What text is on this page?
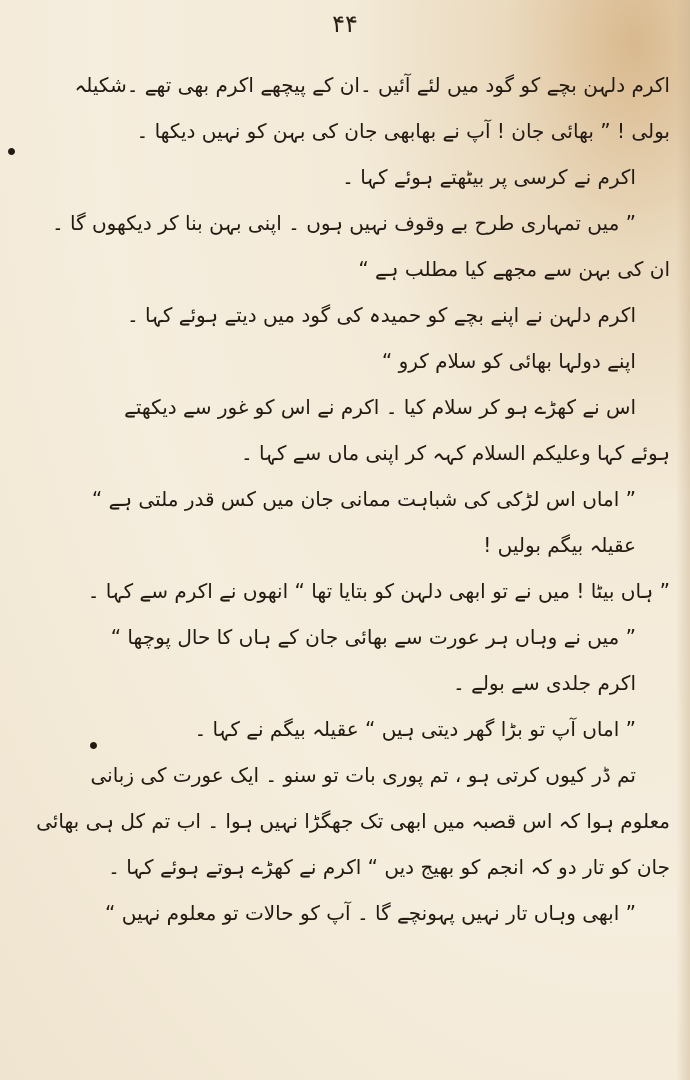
۴۴
اکرم دلہن بچے کو گود میں لئے آئیں ۔ان کے پیچھے اکرم بھی تھے ۔شکیلہ
بولی ! ” بھائی جان ! آپ نے بھابھی جان کی بہن کو نہیں دیکھا ۔
اکرم نے کرسی پر بیٹھتے ہوئے کہا ۔
” میں تمہاری طرح بے وقوف نہیں ہوں ۔ اپنی بہن بنا کر دیکھوں گا ۔
ان کی بہن سے مجھے کیا مطلب ہے “
اکرم دلہن نے اپنے بچے کو حمیدہ کی گود میں دیتے ہوئے کہا ۔
اپنے دولہا بھائی کو سلام کرو “
اس نے کھڑے ہو کر سلام کیا ۔ اکرم نے اس کو غور سے دیکھتے
ہوئے کہا وعلیکم السلام کہہ کر اپنی ماں سے کہا ۔
” اماں اس لڑکی کی شباہت ممانی جان میں کس قدر ملتی ہے “
عقیلہ بیگم بولیں !
” ہاں بیٹا ! میں نے تو ابھی دلہن کو بتایا تھا “ انھوں نے اکرم سے کہا ۔
” میں نے وہاں ہر عورت سے بھائی جان کے ہاں کا حال پوچھا “
اکرم جلدی سے بولے ۔
” اماں آپ تو بڑا گھر دیتی ہیں “ عقیلہ بیگم نے کہا ۔
تم ڈر کیوں کرتی ہو ، تم پوری بات تو سنو ۔ ایک عورت کی زبانی
معلوم ہوا کہ اس قصبہ میں ابھی تک جھگڑا نہیں ہوا ۔ اب تم کل ہی بھائی
جان کو تار دو کہ انجم کو بھیج دیں “ اکرم نے کھڑے ہوتے ہوئے کہا ۔
” ابھی وہاں تار نہیں پہونچے گا ۔ آپ کو حالات تو معلوم نہیں “
